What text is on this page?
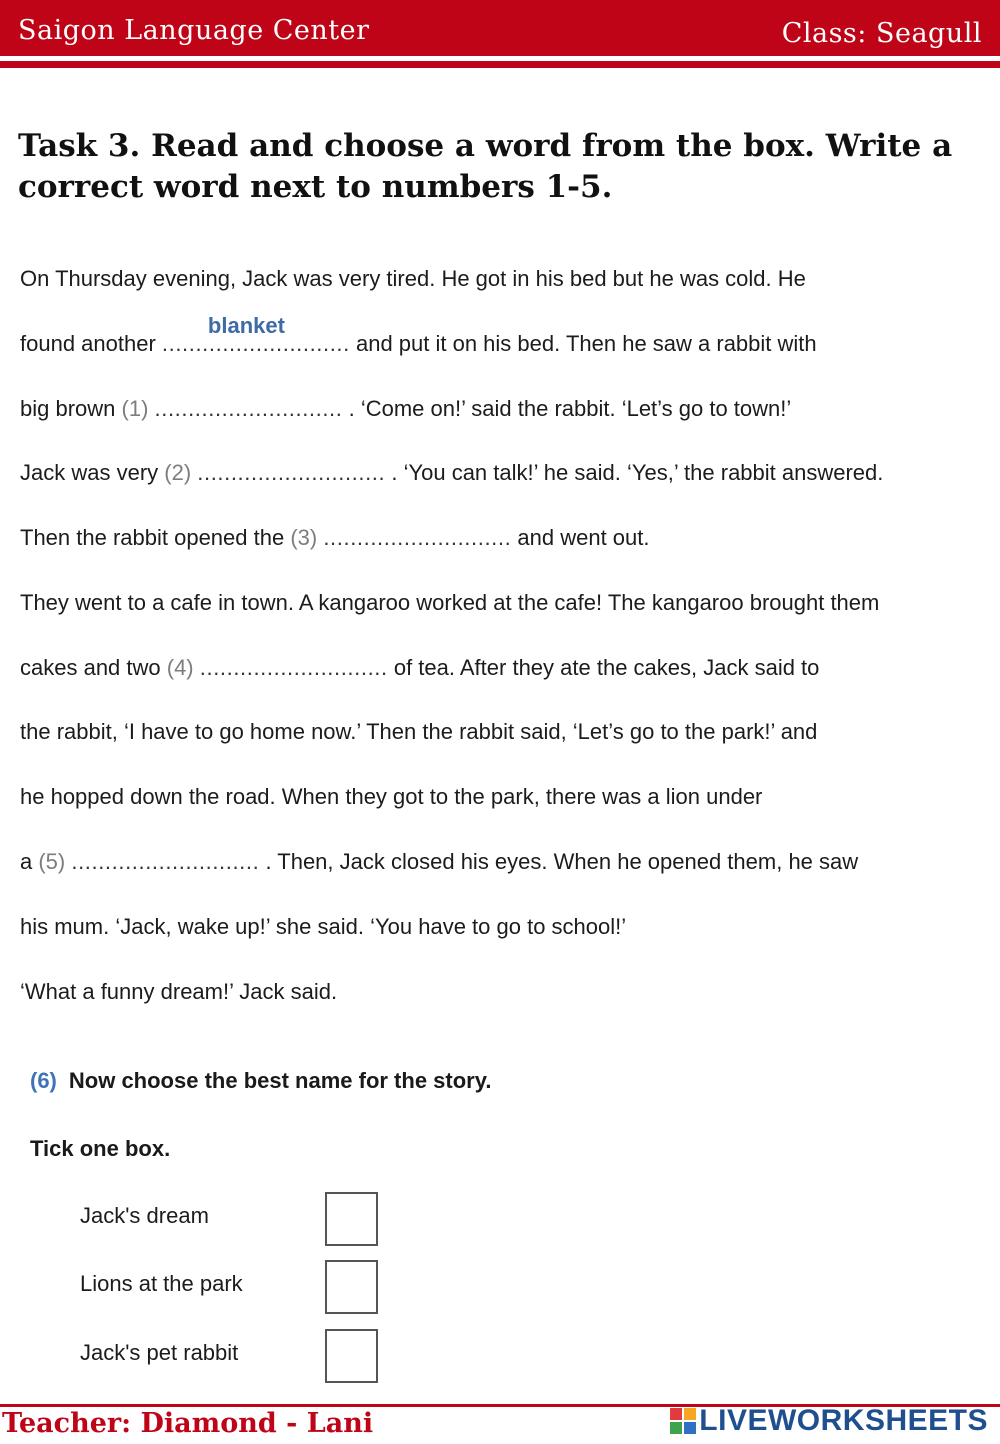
Saigon Language Center	Class: Seagull
Task 3. Read and choose a word from the box. Write a correct word next to numbers 1-5.
On Thursday evening, Jack was very tired. He got in his bed but he was cold. He
found another ............................
blanket
and put it on his bed. Then he saw a rabbit with
big brown (1) ............................ . ‘Come on!’ said the rabbit. ‘Let’s go to town!’
Jack was very (2) ............................ . ‘You can talk!’ he said. ‘Yes,’ the rabbit answered.
Then the rabbit opened the (3) ............................ and went out.
They went to a cafe in town. A kangaroo worked at the cafe! The kangaroo brought them
cakes and two (4) ............................ of tea. After they ate the cakes, Jack said to
the rabbit, ‘I have to go home now.’ Then the rabbit said, ‘Let’s go to the park!’ and
he hopped down the road. When they got to the park, there was a lion under
a (5) ............................ . Then, Jack closed his eyes. When he opened them, he saw
his mum. ‘Jack, wake up!’ she said. ‘You have to go to school!’
‘What a funny dream!’ Jack said.
(6) Now choose the best name for the story.
Tick one box.
Jack's dream
Lions at the park
Jack's pet rabbit
Teacher: Diamond - Lani	LIVEWORKSHEETS
